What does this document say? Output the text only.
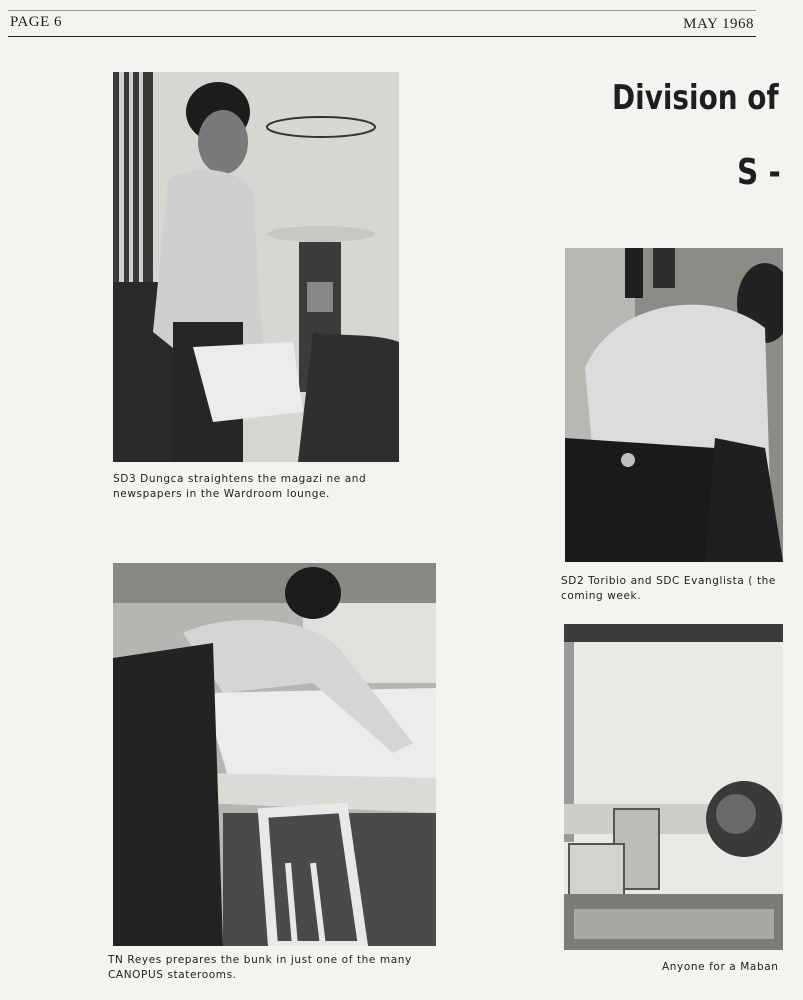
PAGE 6	MAY 1968
Division of
S -

SD3 Dungca straightens the magazi ne and newspapers in the Wardroom lounge.

SD2 Toribio and SDC Evanglista ( the coming week.

TN Reyes prepares the bunk in just one of the many CANOPUS staterooms.

Anyone for a Maban
